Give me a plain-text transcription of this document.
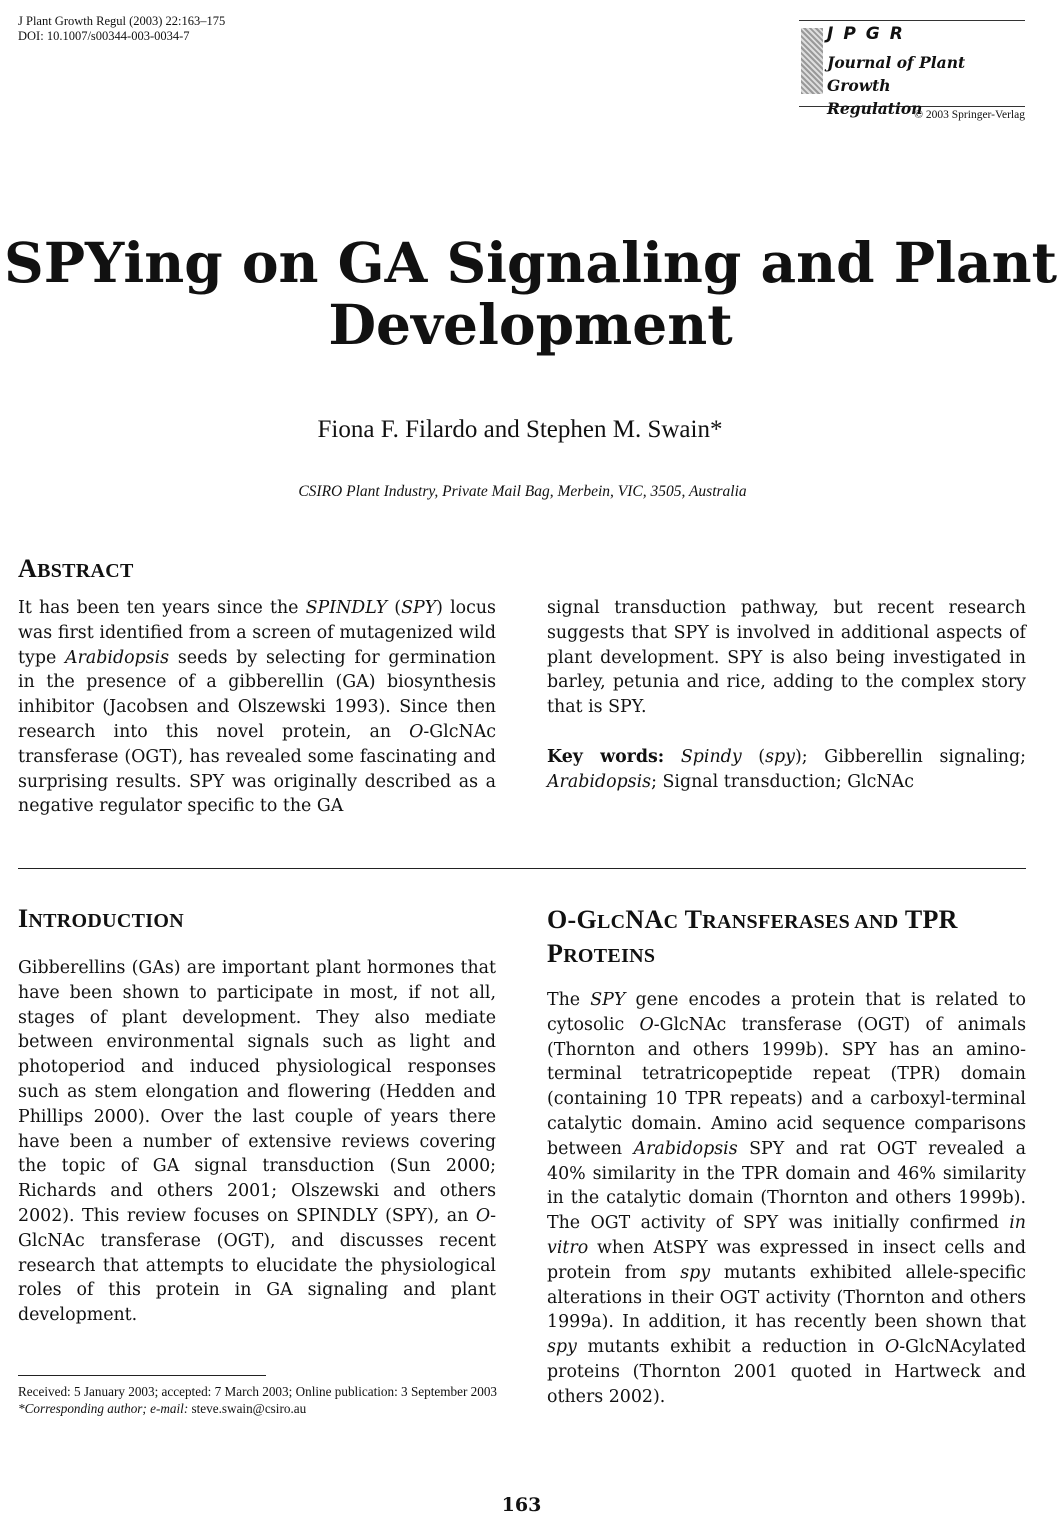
J Plant Growth Regul (2003) 22:163–175
DOI: 10.1007/s00344-003-0034-7	JPGR
Journal of Plant Growth
Regulation
© 2003 Springer-Verlag
SPYing on GA Signaling and Plant
Development
Fiona F. Filardo and Stephen M. Swain*
CSIRO Plant Industry, Private Mail Bag, Merbein, VIC, 3505, Australia
ABSTRACT

It has been ten years since the SPINDLY (SPY) locus was first identified from a screen of mutagenized wild type Arabidopsis seeds by selecting for germination in the presence of a gibberellin (GA) biosynthesis inhibitor (Jacobsen and Olszewski 1993). Since then research into this novel protein, an O-GlcNAc transferase (OGT), has revealed some fascinating and surprising results. SPY was originally described as a negative regulator specific to the GA

signal transduction pathway, but recent research suggests that SPY is involved in additional aspects of plant development. SPY is also being investigated in barley, petunia and rice, adding to the complex story that is SPY.

Key words: Spindy (spy); Gibberellin signaling; Arabidopsis; Signal transduction; GlcNAc

INTRODUCTION

Gibberellins (GAs) are important plant hormones that have been shown to participate in most, if not all, stages of plant development. They also mediate between environmental signals such as light and photoperiod and induced physiological responses such as stem elongation and flowering (Hedden and Phillips 2000). Over the last couple of years there have been a number of extensive reviews covering the topic of GA signal transduction (Sun 2000; Richards and others 2001; Olszewski and others 2002). This review focuses on SPINDLY (SPY), an O-GlcNAc transferase (OGT), and discusses recent research that attempts to elucidate the physiological roles of this protein in GA signaling and plant development.

O-GLCNAC TRANSFERASES AND TPR
PROTEINS

The SPY gene encodes a protein that is related to cytosolic O-GlcNAc transferase (OGT) of animals (Thornton and others 1999b). SPY has an amino-terminal tetratricopeptide repeat (TPR) domain (containing 10 TPR repeats) and a carboxyl-terminal catalytic domain. Amino acid sequence comparisons between Arabidopsis SPY and rat OGT revealed a 40% similarity in the TPR domain and 46% similarity in the catalytic domain (Thornton and others 1999b). The OGT activity of SPY was initially confirmed in vitro when AtSPY was expressed in insect cells and protein from spy mutants exhibited allele-specific alterations in their OGT activity (Thornton and others 1999a). In addition, it has recently been shown that spy mutants exhibit a reduction in O-GlcNAcylated proteins (Thornton 2001 quoted in Hartweck and others 2002).

Received: 5 January 2003; accepted: 7 March 2003; Online publication: 3 September 2003
*Corresponding author; e-mail: steve.swain@csiro.au
163
